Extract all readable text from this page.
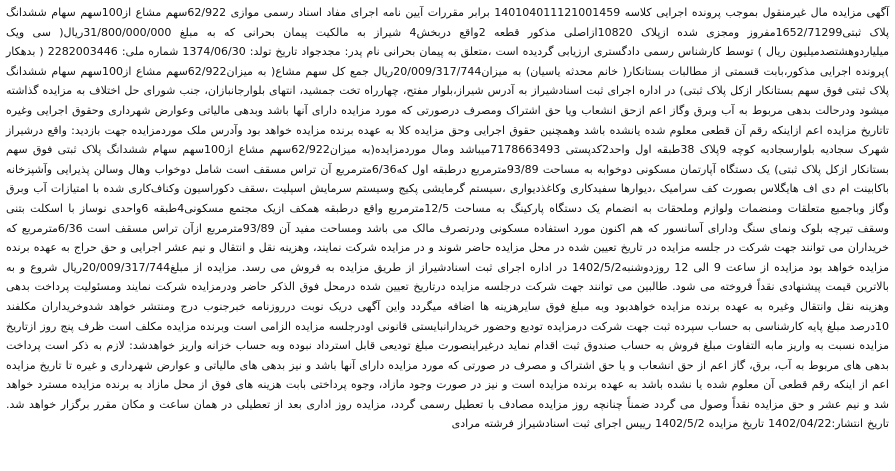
آگهی مزایده مال غیرمنقول بموجب پرونده اجرایی کلاسه 140104011121001459 برابر مقررات آیین نامه اجرای مفاد اسناد رسمی موازی 62/922سهم مشاع از100سهم سهام ششدانگ پلاک ثبتی1652/71299مفروز ومجزی شده ازپلاک 10820ازاصلی مذکور قطعه 2واقع دربخش4 شیراز به مالکیت پیمان بحرانی که به مبلغ 31/800/000/000ریال( سی ویک میلیاردوهشتصدمیلیون ریال ) توسط کارشناس رسمی دادگستری ارزیابی گردیده است ،متعلق به پیمان بحرانی نام پدر: مجدجواد تاریخ تولد: 1374/06/30 شماره ملی: 2282003446 ( بدهکار )پرونده اجرایی مذکور،بابت قسمتی از مطالبات بستانکار( خانم محدثه یاسیان) به میزان20/009/317/744ریال جمع کل سهم مشاع( به میزان62/922سهم مشاع از100سهم سهام ششدانگ پلاک ثبتی فوق سهم بستانکار ازکل پلاک ثبتی) در اداره اجرای ثبت اسنادشیراز به آدرس شیراز،بلوار مفتح، چهارراه تخت جمشید، انتهای بلوارجانبازان، جنب شورای حل اختلاف به مزایده گذاشته میشود ودرحالت بدهی مربوط به آب وبرق وگاز اعم ازحق انشعاب ویا حق اشتراک ومصرف درصورتی که مورد مزایده دارای آنها باشد وبدهی مالیاتی وعوارض شهرداری وحقوق اجرایی وغیره تاتاریخ مزایده اعم ازاینکه رقم آن قطعی معلوم شده یانشده باشد وهمچنین حقوق اجرایی وحق مزایده کلا به عهده برنده مزایده خواهد بود وآدرس ملک موردمزایده جهت بازدید: واقع درشیراز شهرک سجادیه بلوارسجادیه کوچه 9پلاک 38طبقه اول واحد2کدپستی 7178663493میباشد ومال موردمزایده(به میزان62/922سهم مشاع از100سهم سهام ششدانگ پلاک ثبتی فوق سهم بستانکار ازکل پلاک ثبتی) یک دستگاه آپارتمان مسکونی دوخوابه به مساحت 93/89مترمربع درطبقه اول که6/36مترمربع آن تراس مسقف است شامل دوخواب وهال وسالن پذیرایی وآشپزخانه باکابینت ام دی اف هایگلاس بصورت کف سرامیک ،دیوارها سفیدکاری وکاغذدیواری ،سیستم گرمایشی پکیج وسیستم سرمایش اسپلیت ،سقف دکوراسیون وکناف‌کاری شده با امتیازات آب وبرق وگاز وباجمیع متعلقات ومنضمات ولوازم وملحقات به انضمام یک دستگاه پارکینگ به مساحت 12/5مترمربع واقع درطبقه همکف ازیک مجتمع مسکونی4طبقه 6واحدی نوساز با اسکلت بتنی وسقف تیرچه بلوک ونمای سنگ ودارای آسانسور که هم اکنون مورد استفاده مسکونی ودرتصرف مالک می باشد ومساحت مفید آن 93/89مترمربع ازآن تراس مسقف است 6/36مترمربع که خریداران می توانند جهت شرکت در جلسه مزایده در تاریخ تعیین شده در محل مزایده حاضر شوند و در مزایده شرکت نمایند، وهزینه نقل و انتقال و نیم عشر اجرایی و حق حراج به عهده برنده مزایده خواهد بود مزایده از ساعت 9 الی 12 روزدوشنبه1402/5/2 در اداره اجرای ثبت اسنادشیراز از طریق مزایده به فروش می رسد. مزایده از مبلغ20/009/317/744ریال شروع و به بالاترین قیمت پیشنهادی نقداً فروخته می شود. طالبین می توانند جهت شرکت درجلسه مزایده درتاریخ تعیین شده درمحل فوق الذکر حاضر ودرمزایده شرکت نمایند ومسئولیت پرداخت بدهی وهزینه نقل وانتقال وغیره به عهده برنده مزایده خواهدبود وبه مبلغ فوق سایرهزینه ها اضافه میگردد واین آگهی دریک نوبت درروزنامه خبرجنوب درج ومنتشر خواهد شدوخریداران مکلفند 10درصد مبلغ پایه کارشناسی به حساب سپرده ثبت جهت شرکت درمزایده تودیع وحضور خریدارانبایستی قانونی اودرجلسه مزایده الزامی است وبرنده مزایده مکلف است ظرف پنج روز ازتاریخ مزایده نسبت به واریز مابه التفاوت مبلغ فروش به حساب صندوق ثبت اقدام نماید درغیراینصورت مبلغ تودیعی قابل استرداد نبوده وبه حساب خزانه واریز خواهدشد: لازم به ذکر است پرداخت بدهی های مربوط به آب، برق، گاز اعم از حق انشعاب و یا حق اشتراک و مصرف در صورتی که مورد مزایده دارای آنها باشد و نیز بدهی های مالیاتی و عوارض شهرداری و غیره تا تاریخ مزایده اعم از اینکه رقم قطعی آن معلوم شده یا نشده باشد به عهده برنده مزایده است و نیز در صورت وجود مازاد، وجوه پرداختی بابت هزینه های فوق از محل مازاد به برنده مزایده مسترد خواهد شد و نیم عشر و حق مزایده نقداً وصول می گردد ضمناً چنانچه روز مزایده مصادف با تعطیل رسمی گردد، مزایده روز اداری بعد از تعطیلی در همان ساعت و مکان مقرر برگزار خواهد شد. تاریخ انتشار:1402/04/22 تاریخ مزایده 1402/5/2 رییس اجرای ثبت اسنادشیراز فرشته مرادی
